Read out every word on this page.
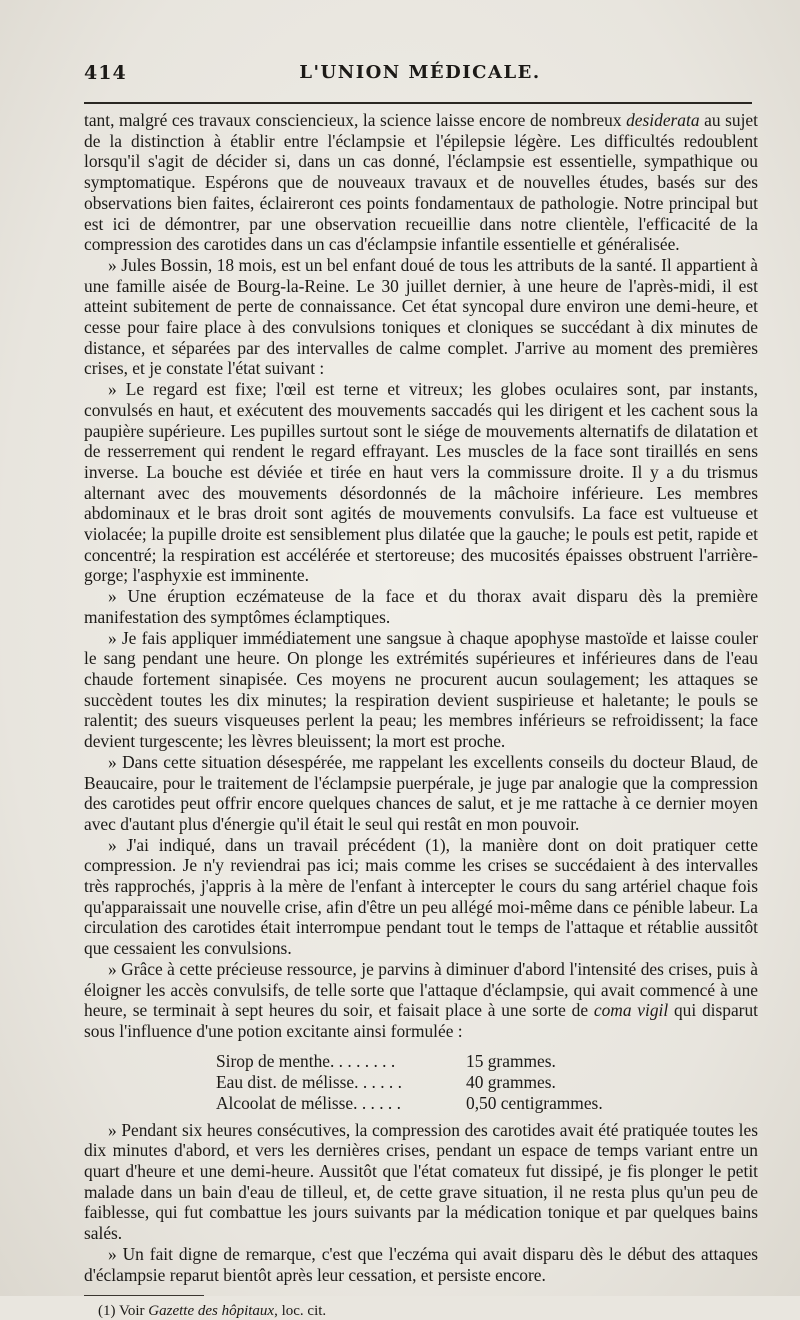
414	L'UNION MÉDICALE.

tant, malgré ces travaux consciencieux, la science laisse encore de nombreux desiderata au sujet de la distinction à établir entre l'éclampsie et l'épilepsie légère. Les difficultés redoublent lorsqu'il s'agit de décider si, dans un cas donné, l'éclampsie est essentielle, sympathique ou symptomatique. Espérons que de nouveaux travaux et de nouvelles études, basés sur des observations bien faites, éclaireront ces points fondamentaux de pathologie. Notre principal but est ici de démontrer, par une observation recueillie dans notre clientèle, l'efficacité de la compression des carotides dans un cas d'éclampsie infantile essentielle et généralisée.

» Jules Bossin, 18 mois, est un bel enfant doué de tous les attributs de la santé. Il appartient à une famille aisée de Bourg-la-Reine. Le 30 juillet dernier, à une heure de l'après-midi, il est atteint subitement de perte de connaissance. Cet état syncopal dure environ une demi-heure, et cesse pour faire place à des convulsions toniques et cloniques se succédant à dix minutes de distance, et séparées par des intervalles de calme complet. J'arrive au moment des premières crises, et je constate l'état suivant :

» Le regard est fixe; l'œil est terne et vitreux; les globes oculaires sont, par instants, convulsés en haut, et exécutent des mouvements saccadés qui les dirigent et les cachent sous la paupière supérieure. Les pupilles surtout sont le siége de mouvements alternatifs de dilatation et de resserrement qui rendent le regard effrayant. Les muscles de la face sont tiraillés en sens inverse. La bouche est déviée et tirée en haut vers la commissure droite. Il y a du trismus alternant avec des mouvements désordonnés de la mâchoire inférieure. Les membres abdominaux et le bras droit sont agités de mouvements convulsifs. La face est vultueuse et violacée; la pupille droite est sensiblement plus dilatée que la gauche; le pouls est petit, rapide et concentré; la respiration est accélérée et stertoreuse; des mucosités épaisses obstruent l'arrière-gorge; l'asphyxie est imminente.

» Une éruption eczémateuse de la face et du thorax avait disparu dès la première manifestation des symptômes éclamptiques.

» Je fais appliquer immédiatement une sangsue à chaque apophyse mastoïde et laisse couler le sang pendant une heure. On plonge les extrémités supérieures et inférieures dans de l'eau chaude fortement sinapisée. Ces moyens ne procurent aucun soulagement; les attaques se succèdent toutes les dix minutes; la respiration devient suspirieuse et haletante; le pouls se ralentit; des sueurs visqueuses perlent la peau; les membres inférieurs se refroidissent; la face devient turgescente; les lèvres bleuissent; la mort est proche.

» Dans cette situation désespérée, me rappelant les excellents conseils du docteur Blaud, de Beaucaire, pour le traitement de l'éclampsie puerpérale, je juge par analogie que la compression des carotides peut offrir encore quelques chances de salut, et je me rattache à ce dernier moyen avec d'autant plus d'énergie qu'il était le seul qui restât en mon pouvoir.

» J'ai indiqué, dans un travail précédent (1), la manière dont on doit pratiquer cette compression. Je n'y reviendrai pas ici; mais comme les crises se succédaient à des intervalles très rapprochés, j'appris à la mère de l'enfant à intercepter le cours du sang artériel chaque fois qu'apparaissait une nouvelle crise, afin d'être un peu allégé moi-même dans ce pénible labeur. La circulation des carotides était interrompue pendant tout le temps de l'attaque et rétablie aussitôt que cessaient les convulsions.

» Grâce à cette précieuse ressource, je parvins à diminuer d'abord l'intensité des crises, puis à éloigner les accès convulsifs, de telle sorte que l'attaque d'éclampsie, qui avait commencé à une heure, se terminait à sept heures du soir, et faisait place à une sorte de coma vigil qui disparut sous l'influence d'une potion excitante ainsi formulée :

Sirop de menthe. . . . . . . .	15 grammes.
Eau dist. de mélisse. . . . . .	40 grammes.
Alcoolat de mélisse. . . . . .	0,50 centigrammes.

» Pendant six heures consécutives, la compression des carotides avait été pratiquée toutes les dix minutes d'abord, et vers les dernières crises, pendant un espace de temps variant entre un quart d'heure et une demi-heure. Aussitôt que l'état comateux fut dissipé, je fis plonger le petit malade dans un bain d'eau de tilleul, et, de cette grave situation, il ne resta plus qu'un peu de faiblesse, qui fut combattue les jours suivants par la médication tonique et par quelques bains salés.

» Un fait digne de remarque, c'est que l'eczéma qui avait disparu dès le début des attaques d'éclampsie reparut bientôt après leur cessation, et persiste encore.

(1) Voir Gazette des hôpitaux, loc. cit.
